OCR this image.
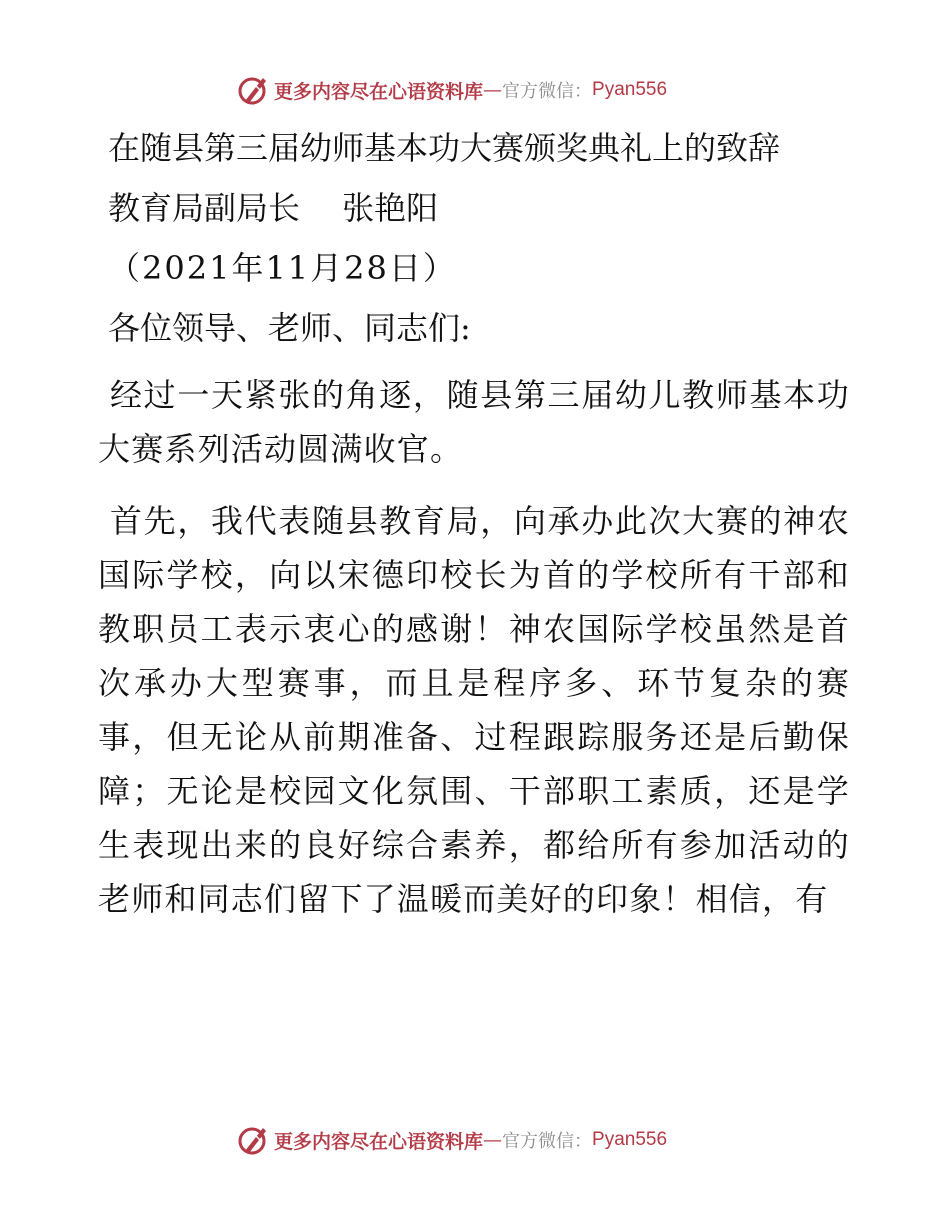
更多内容尽在心语资料库 — 官方微信： Pyan556
在随县第三届幼师基本功大赛颁奖典礼上的致辞
教育局副局长　 张艳阳
（2021年11月28日）
各位领导、老师、同志们:

经过一天紧张的角逐，随县第三届幼儿教师基本功大赛系列活动圆满收官。

首先，我代表随县教育局，向承办此次大赛的神农国际学校，向以宋德印校长为首的学校所有干部和教职员工表示衷心的感谢！神农国际学校虽然是首次承办大型赛事，而且是程序多、环节复杂的赛事，但无论从前期准备、过程跟踪服务还是后勤保障；无论是校园文化氛围、干部职工素质，还是学生表现出来的良好综合素养，都给所有参加活动的老师和同志们留下了温暖而美好的印象！相信，有

更多内容尽在心语资料库 — 官方微信： Pyan556
